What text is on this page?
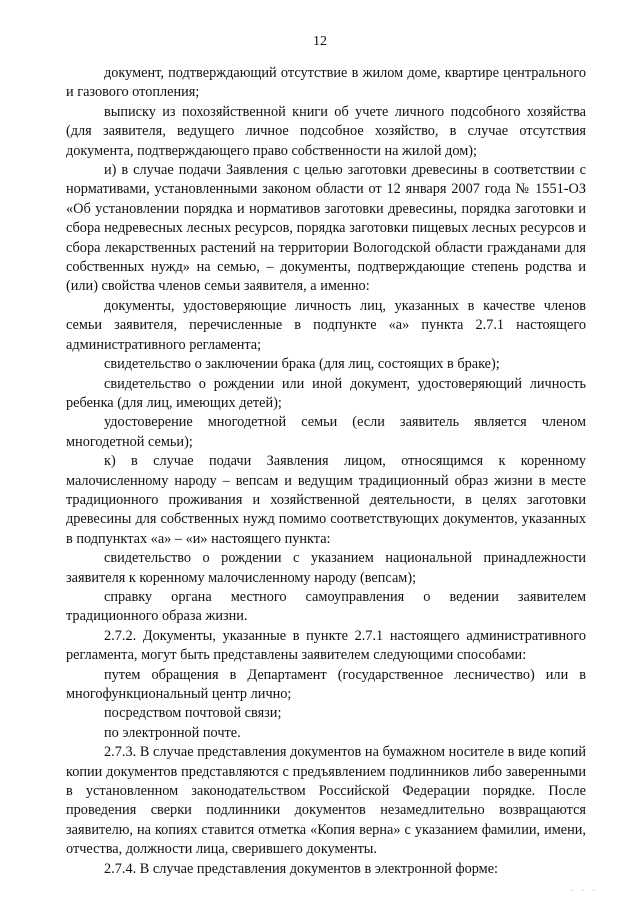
12

документ, подтверждающий отсутствие в жилом доме, квартире центрального и газового отопления;

выписку из похозяйственной книги об учете личного подсобного хозяйства (для заявителя, ведущего личное подсобное хозяйство, в случае отсутствия документа, подтверждающего право собственности на жилой дом);

и) в случае подачи Заявления с целью заготовки древесины в соответствии с нормативами, установленными законом области от 12 января 2007 года № 1551-ОЗ «Об установлении порядка и нормативов заготовки древесины, порядка заготовки и сбора недревесных лесных ресурсов, порядка заготовки пищевых лесных ресурсов и сбора лекарственных растений на территории Вологодской области гражданами для собственных нужд» на семью, – документы, подтверждающие степень родства и (или) свойства членов семьи заявителя, а именно:

документы, удостоверяющие личность лиц, указанных в качестве членов семьи заявителя, перечисленные в подпункте «а» пункта 2.7.1 настоящего административного регламента;

свидетельство о заключении брака (для лиц, состоящих в браке);

свидетельство о рождении или иной документ, удостоверяющий личность ребенка (для лиц, имеющих детей);

удостоверение многодетной семьи (если заявитель является членом многодетной семьи);

к) в случае подачи Заявления лицом, относящимся к коренному малочисленному народу – вепсам и ведущим традиционный образ жизни в месте традиционного проживания и хозяйственной деятельности, в целях заготовки древесины для собственных нужд помимо соответствующих документов, указанных в подпунктах «а» – «и» настоящего пункта:

свидетельство о рождении с указанием национальной принадлежности заявителя к коренному малочисленному народу (вепсам);

справку органа местного самоуправления о ведении заявителем традиционного образа жизни.

2.7.2. Документы, указанные в пункте 2.7.1 настоящего административного регламента, могут быть представлены заявителем следующими способами:

путем обращения в Департамент (государственное лесничество) или в многофункциональный центр лично;

посредством почтовой связи;

по электронной почте.

2.7.3. В случае представления документов на бумажном носителе в виде копий копии документов представляются с предъявлением подлинников либо заверенными в установленном законодательством Российской Федерации порядке. После проведения сверки подлинники документов незамедлительно возвращаются заявителю, на копиях ставится отметка «Копия верна» с указанием фамилии, имени, отчества, должности лица, сверившего документы.

2.7.4. В случае представления документов в электронной форме:

· · ·
